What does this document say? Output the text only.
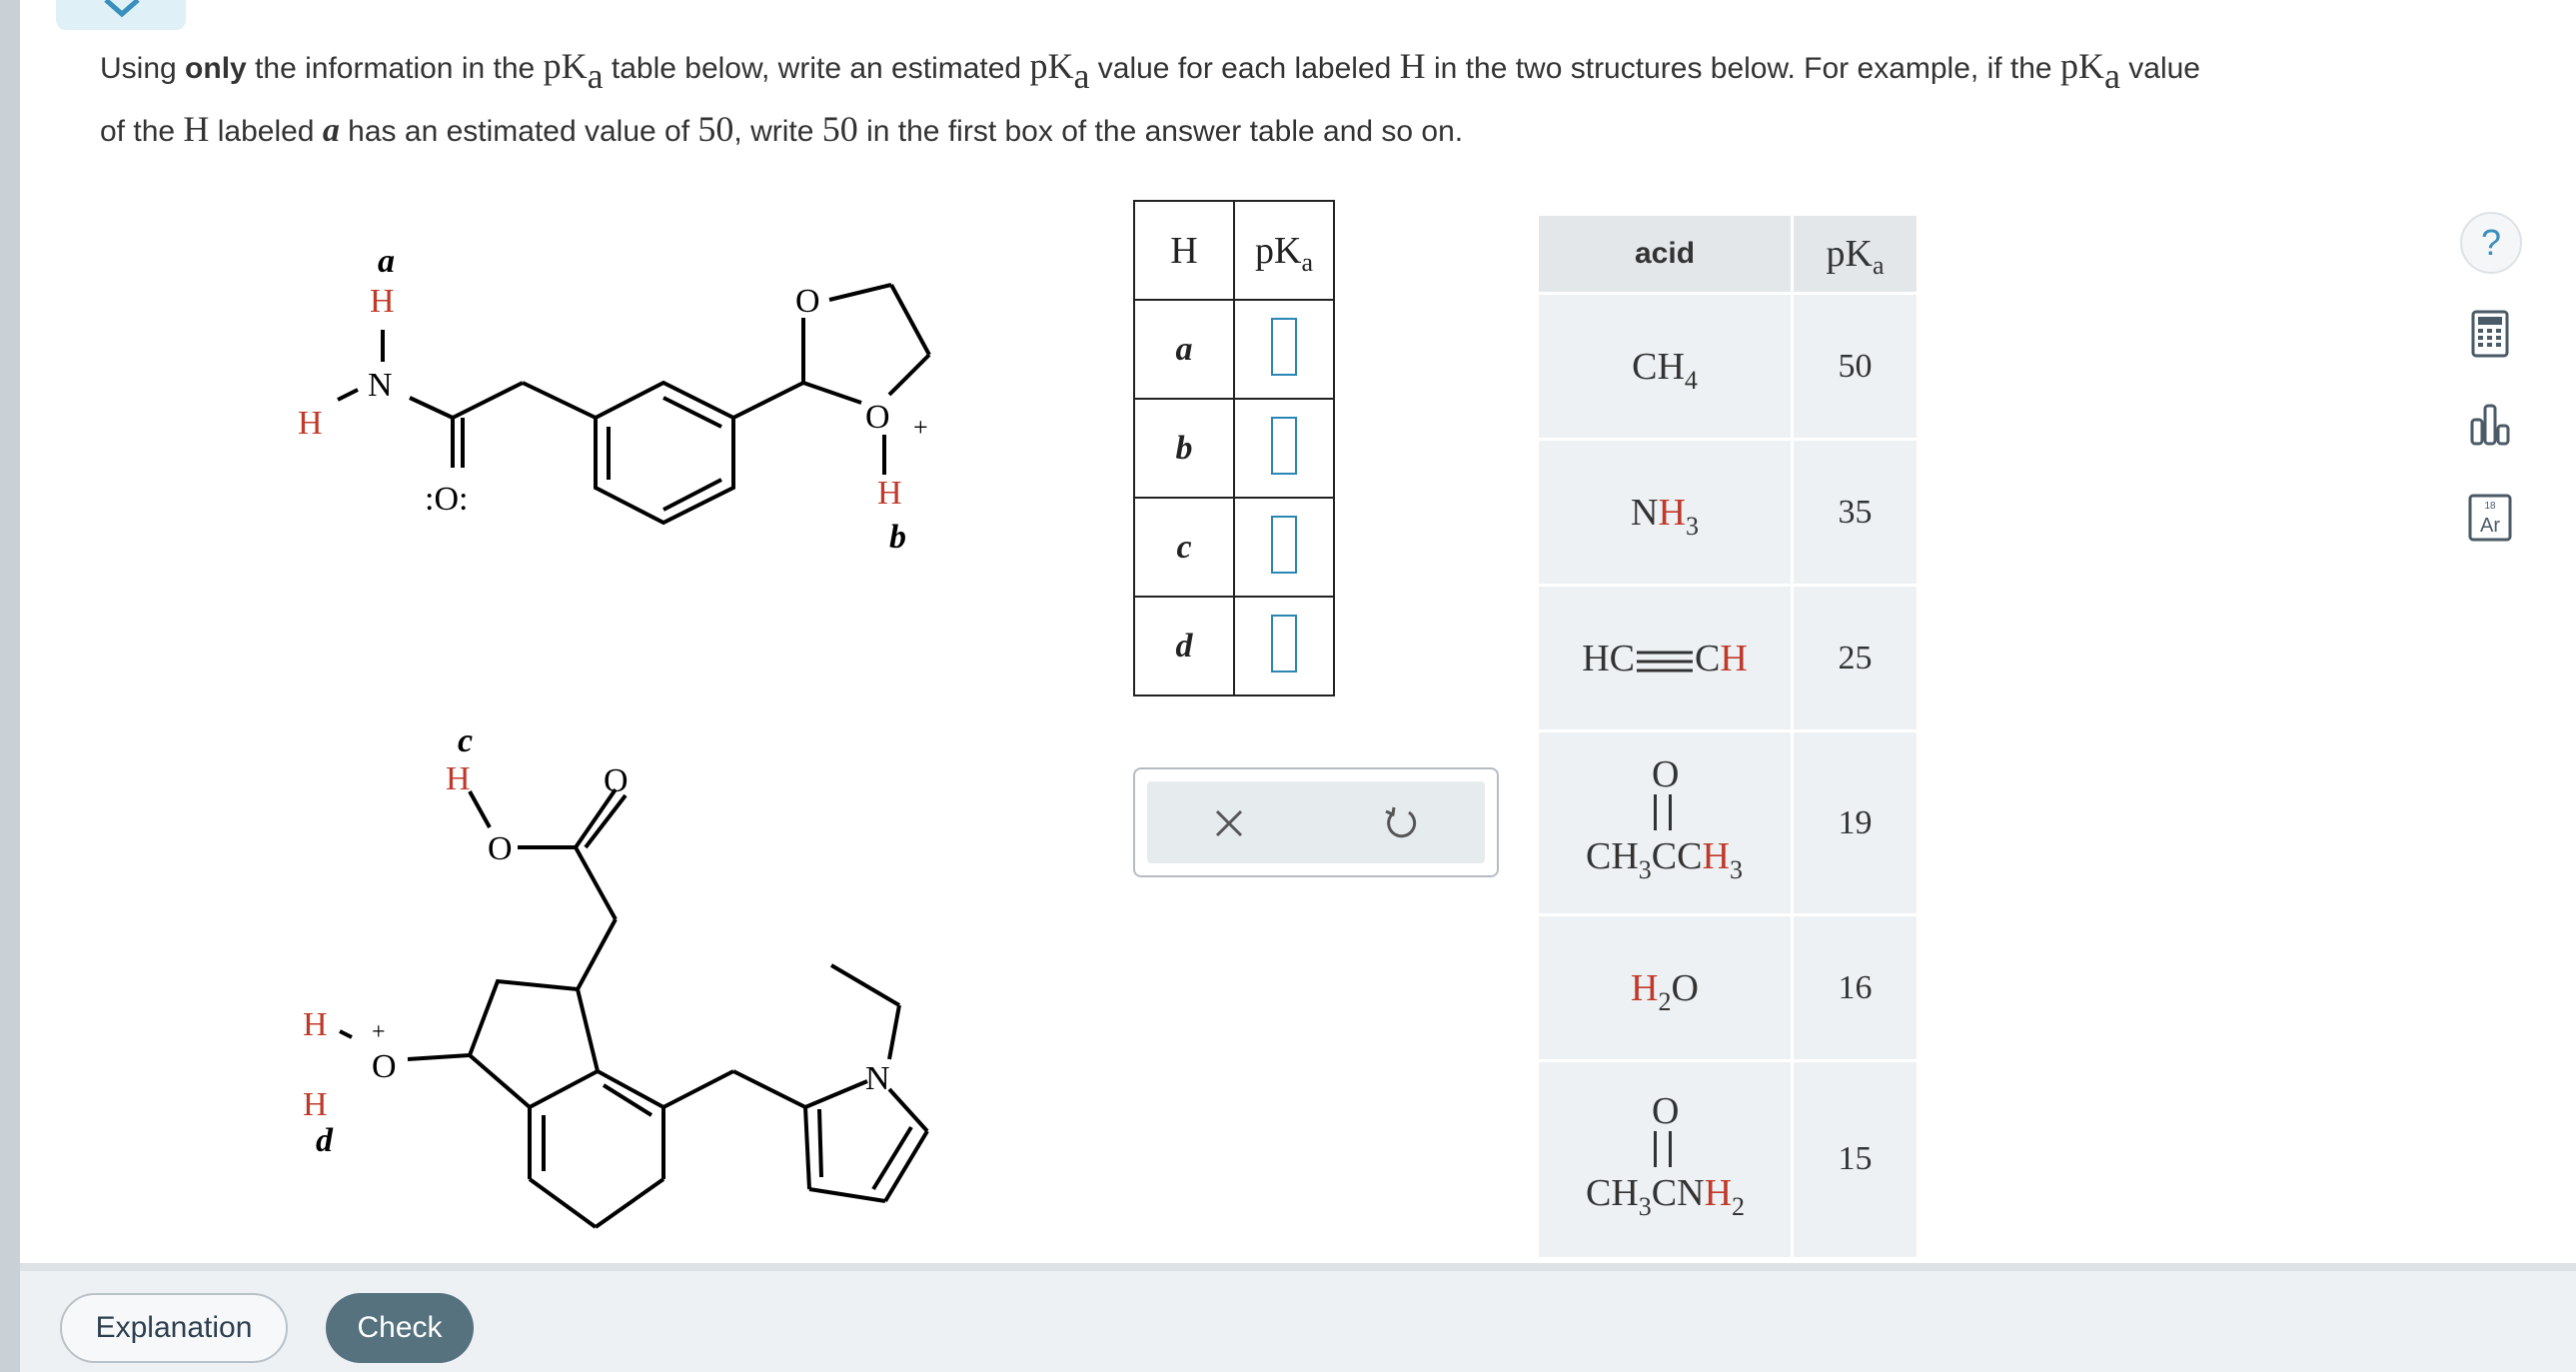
Using only the information in the $pK_a$ table below, write an estimated $pK_a$ value for each labeled H in the two structures below. For example, if the $pK_a$ value
of the H labeled a has an estimated value of 50, write 50 in the first box of the answer table and so on.
a
H
N
H
:O:
O
O +
H
b
c
H
O
O
N
H +
O
H
d
H	$pK_a$
a	
b	
c	
d	
acid	$pK_a$
$CH_4$	50
$NH_3$	35
HC CH	25

O
$CH_3CCH_3$	19
$H_2O$	16

O
$CH_3CNH_2$	15
?
18
Ar
Explanation	Check
